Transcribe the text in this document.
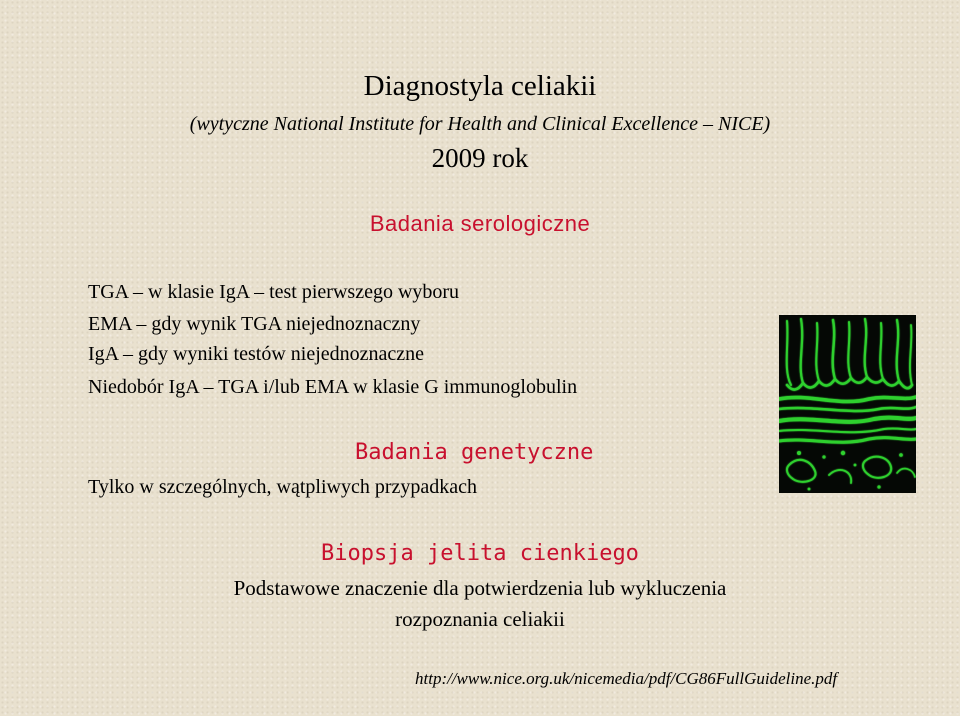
Diagnostyla celiakii
(wytyczne National Institute for Health and Clinical Excellence – NICE)
2009 rok
Badania serologiczne
TGA – w klasie IgA – test pierwszego wyboru
EMA – gdy wynik TGA niejednoznaczny
IgA – gdy wyniki testów niejednoznaczne
Niedobór IgA – TGA i/lub EMA w klasie G immunoglobulin
Badania genetyczne
Tylko w szczególnych, wątpliwych przypadkach
Biopsja jelita cienkiego
Podstawowe znaczenie dla potwierdzenia lub wykluczenia
rozpoznania celiakii
http://www.nice.org.uk/nicemedia/pdf/CG86FullGuideline.pdf
